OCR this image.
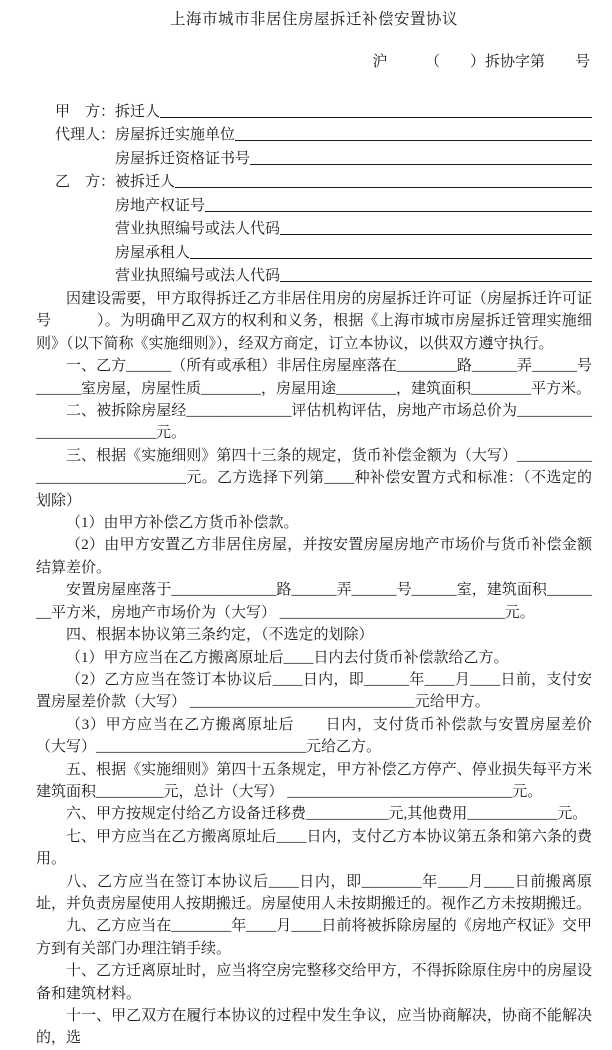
上海市城市非居住房屋拆迁补偿安置协议
沪　　　（　　）拆协字第　　号
甲　方： 拆迁人
代理人： 房屋拆迁实施单位
房屋拆迁资格证书号
乙　方： 被拆迁人
房地产权证号
营业执照编号或法人代码
房屋承租人
营业执照编号或法人代码

因建设需要，甲方取得拆迁乙方非居住用房的房屋拆迁许可证（房屋拆迁许可证号　　　）。为明确甲乙双方的权利和义务，根据《上海市城市房屋拆迁管理实施细则》（以下简称《实施细则》），经双方商定，订立本协议，以供双方遵守执行。

一、乙方______（所有或承租）非居住房屋座落在________路______弄______号______室房屋，房屋性质________，房屋用途________，建筑面积________平方米。

二、被拆除房屋经______________评估机构评估，房地产市场总价为____​____​____​____​____​____​__​元。

三、根据《实施细则》第四十三条的规定，货币补偿金额为（大写）____​____​____​____​____​____​____​__​元。乙方选择下列第____种补偿安置方式和标准：（不选定的划除）

（1）由甲方补偿乙方货币补偿款。

（2）由甲方安置乙方非居住房屋，并按安置房屋房地产市场价与货币补偿金额结算差价。

安置房屋座落于______________路______弄______号______室，建筑面积________平方米，房地产市场价为（大写） ____​____​____​____​____​____​____​__​元。

四、根据本协议第三条约定，（不选定的划除）

（1）甲方应当在乙方搬离原址后____日内去付货币补偿款给乙方。

（2）乙方应当在签订本协议后____日内，即______年____月____日前，支付安置房屋差价款（大写） ____​____​____​____​____​____​____​__​元给甲方。

（3）甲方应当在乙方搬离原址后　　日内，支付货币补偿款与安置房屋差价（大写）____​____​____​____​____​____​____​元给乙方。

五、根据《实施细则》第四十五条规定，甲方补偿乙方停产、停业损失每平方米建筑面积_________元，总计（大写） ____​____​____​____​____​____​____​__​元。

六、甲方按规定付给乙方设备迁移费___________元,其他费用____________元。

七、甲方应当在乙方搬离原址后____日内，支付乙方本协议第五条和第六条的费用。

八、乙方应当在签订本协议后____日内，即________年____月____日前搬离原址，并负责房屋使用人按期搬迁。房屋使用人未按期搬迁的。视作乙方未按期搬迁。

九、乙方应当在________年____月____日前将被拆除房屋的《房地产权证》交甲方到有关部门办理注销手续。

十、乙方迁离原址时，应当将空房完整移交给甲方，不得拆除原住房中的房屋设备和建筑材料。

十一、甲乙双方在履行本协议的过程中发生争议，应当协商解决，协商不能解决的，选
